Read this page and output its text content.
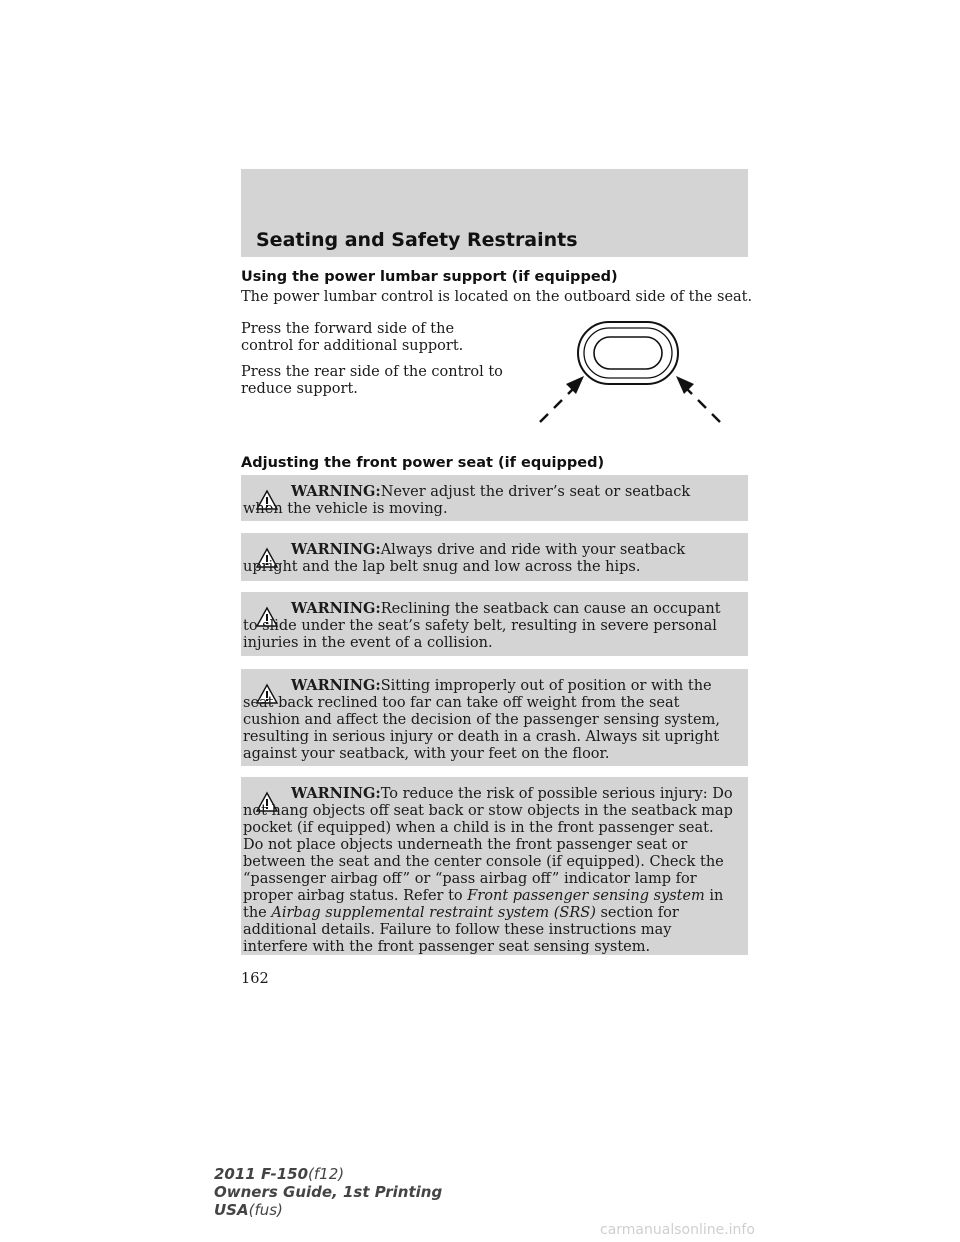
Seating and Safety Restraints
Using the power lumbar support (if equipped)

The power lumbar control is located on the outboard side of the seat.

Press the forward side of the control for additional support.

Press the rear side of the control to reduce support.

Adjusting the front power seat (if equipped)

WARNING:Never adjust the driver’s seat or seatback when the vehicle is moving.

WARNING:Always drive and ride with your seatback upright and the lap belt snug and low across the hips.

WARNING:Reclining the seatback can cause an occupant to slide under the seat’s safety belt, resulting in severe personal injuries in the event of a collision.

WARNING:Sitting improperly out of position or with the seat back reclined too far can take off weight from the seat cushion and affect the decision of the passenger sensing system, resulting in serious injury or death in a crash. Always sit upright against your seatback, with your feet on the floor.

WARNING:To reduce the risk of possible serious injury: Do not hang objects off seat back or stow objects in the seatback map pocket (if equipped) when a child is in the front passenger seat. Do not place objects underneath the front passenger seat or between the seat and the center console (if equipped). Check the “passenger airbag off” or “pass airbag off” indicator lamp for proper airbag status. Refer to Front passenger sensing system in the Airbag supplemental restraint system (SRS) section for additional details. Failure to follow these instructions may interfere with the front passenger seat sensing system.

162
2011 F-150(f12)
Owners Guide, 1st Printing
USA(fus)
carmanualsonline.info
